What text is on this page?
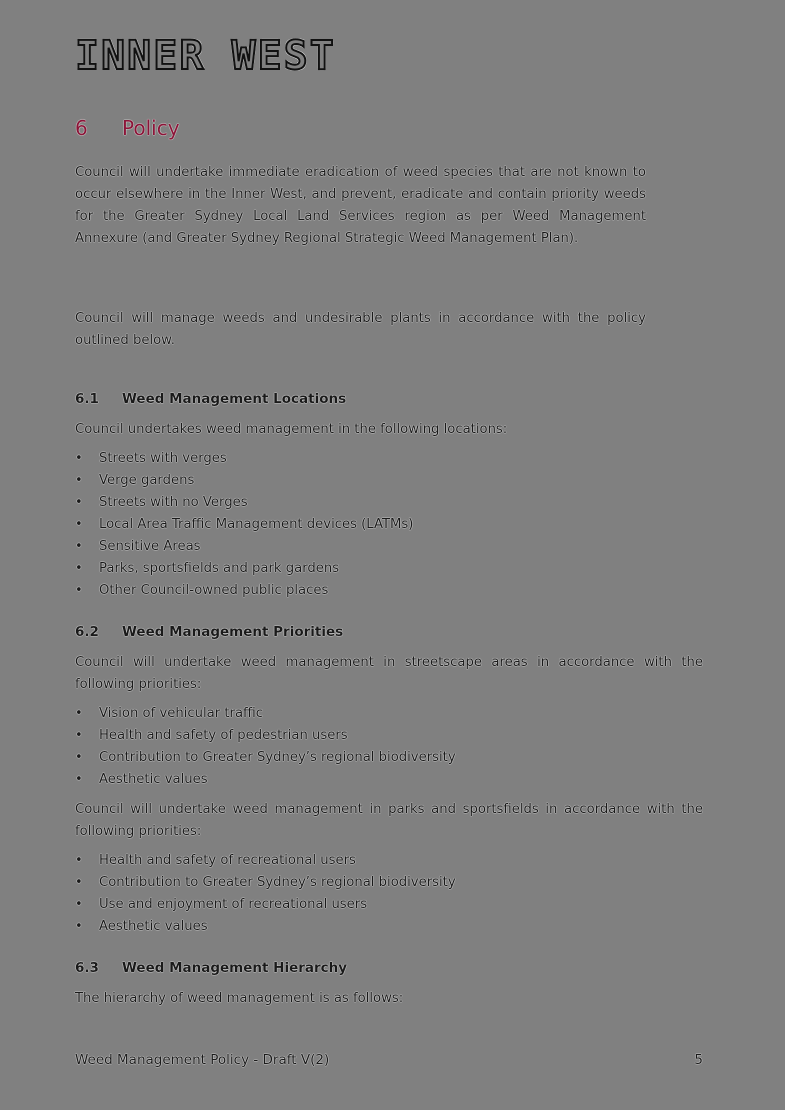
INNER WEST
6	Policy

Council will undertake immediate eradication of weed species that are not known to occur elsewhere in the Inner West, and prevent, eradicate and contain priority weeds for the Greater Sydney Local Land Services region as per Weed Management Annexure (and Greater Sydney Regional Strategic Weed Management Plan).

Council will manage weeds and undesirable plants in accordance with the policy outlined below.

6.1	Weed Management Locations

Council undertakes weed management in the following locations:

•	Streets with verges
•	Verge gardens
•	Streets with no Verges
•	Local Area Traffic Management devices (LATMs)
•	Sensitive Areas
•	Parks, sportsfields and park gardens
•	Other Council-owned public places
6.2	Weed Management Priorities

Council will undertake weed management in streetscape areas in accordance with the following priorities:

•	Vision of vehicular traffic
•	Health and safety of pedestrian users
•	Contribution to Greater Sydney’s regional biodiversity
•	Aesthetic values

Council will undertake weed management in parks and sportsfields in accordance with the following priorities:

•	Health and safety of recreational users
•	Contribution to Greater Sydney’s regional biodiversity
•	Use and enjoyment of recreational users
•	Aesthetic values
6.3	Weed Management Hierarchy

The hierarchy of weed management is as follows:

Weed Management Policy - Draft V(2)	5
